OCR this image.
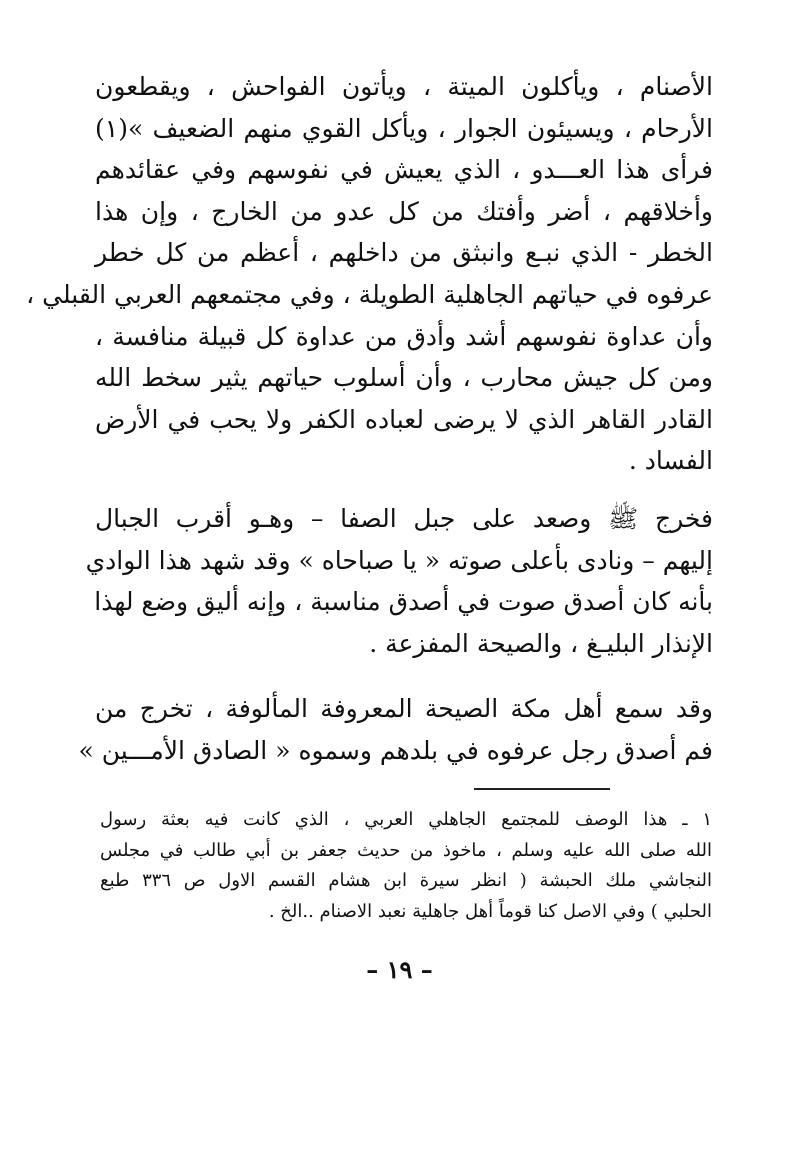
الأصنام ، ويأكلون الميتة ، ويأتون الفواحش ، ويقطعون
الأرحام ، ويسيئون الجوار ، ويأكل القوي منهم الضعيف »(١)
فرأى هذا العـــدو ، الذي يعيش في نفوسهم وفي عقائدهم
وأخلاقهم ، أضر وأفتك من كل عدو من الخارج ، وإن هذا
الخطر - الذي نبـع وانبثق من داخلهم ، أعظم من كل خطر
عرفوه في حياتهم الجاهلية الطويلة ، وفي مجتمعهم العربي القبلي ،
وأن عداوة نفوسهم أشد وأدق من عداوة كل قبيلة منافسة ،
ومن كل جيش محارب ، وأن أسلوب حياتهم يثير سخط الله
القادر القاهر الذي لا يرضى لعباده الكفر ولا يحب في الأرض
الفساد .

فخرج ﷺ وصعد على جبل الصفا – وهـو أقرب الجبال
إليهم – ونادى بأعلى صوته « يا صباحاه » وقد شهد هذا الوادي
بأنه كان أصدق صوت في أصدق مناسبة ، وإنه أليق وضع لهذا
الإنذار البليـغ ، والصيحة المفزعة .

وقد سمع أهل مكة الصيحة المعروفة المألوفة ، تخرج من
فم أصدق رجل عرفوه في بلدهم وسموه « الصادق الأمـــين »

١ ـ هذا الوصف للمجتمع الجاهلي العربي ، الذي كانت فيه بعثة رسول
الله صلى الله عليه وسلم ، ماخوذ من حديث جعفر بن أبي طالب في مجلس
النجاشي ملك الحبشة ( انظر سيرة ابن هشام القسم الاول ص ٣٣٦ طبع
الحلبي ) وفي الاصل كنا قوماً أهل جاهلية نعبد الاصنام ..الخ .
– ١٩ –
